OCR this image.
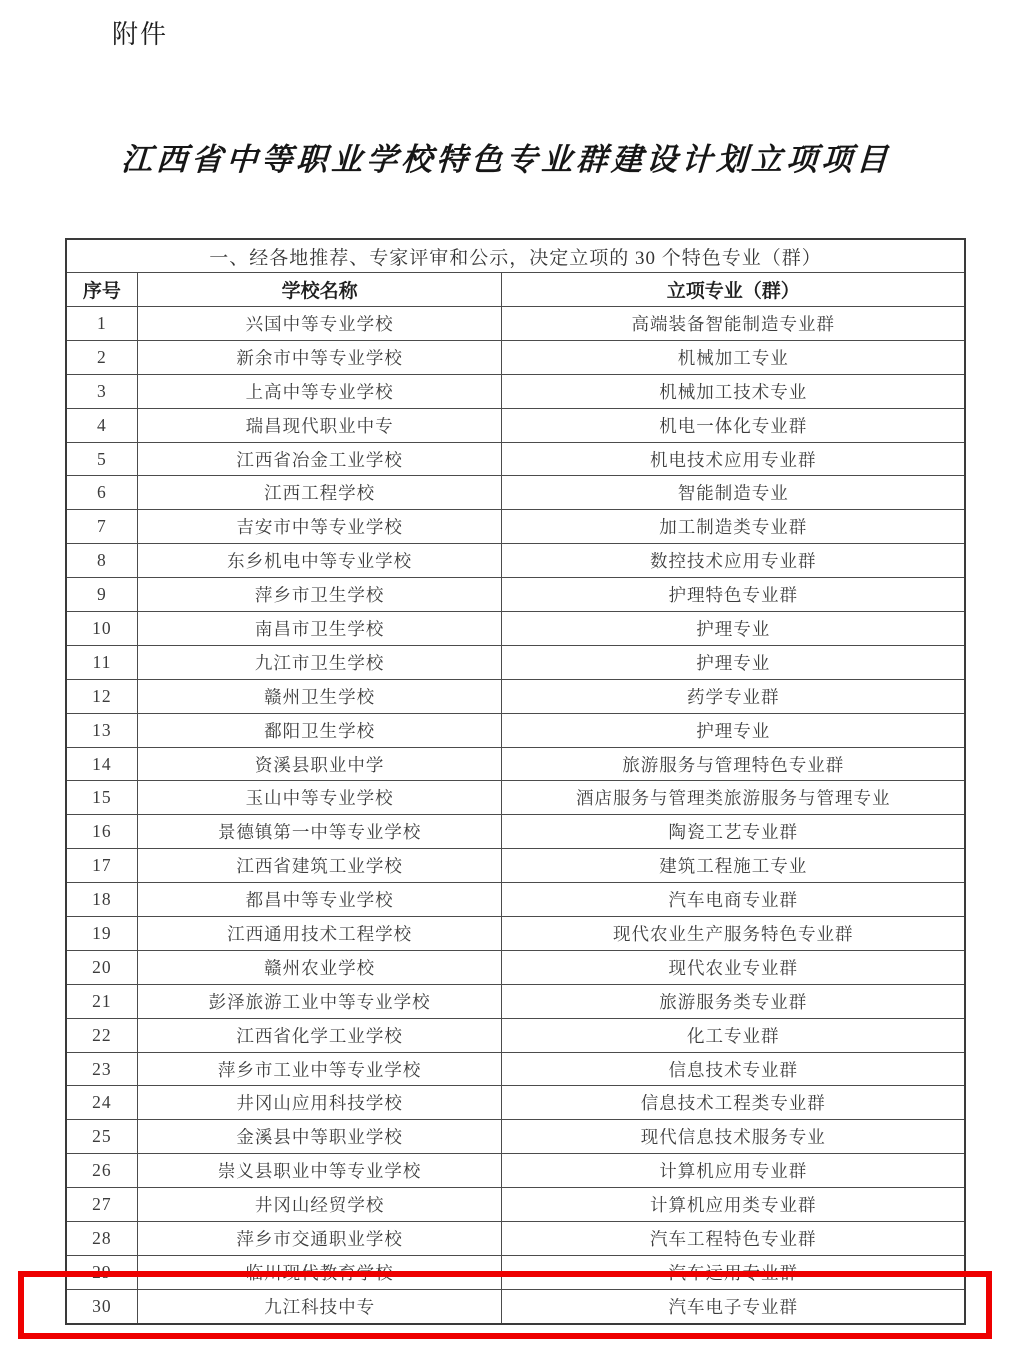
附件
江西省中等职业学校特色专业群建设计划立项项目
一、经各地推荐、专家评审和公示，决定立项的 30 个特色专业（群）		
序号	学校名称	立项专业（群）
1	兴国中等专业学校	高端装备智能制造专业群
2	新余市中等专业学校	机械加工专业
3	上高中等专业学校	机械加工技术专业
4	瑞昌现代职业中专	机电一体化专业群
5	江西省冶金工业学校	机电技术应用专业群
6	江西工程学校	智能制造专业
7	吉安市中等专业学校	加工制造类专业群
8	东乡机电中等专业学校	数控技术应用专业群
9	萍乡市卫生学校	护理特色专业群
10	南昌市卫生学校	护理专业
11	九江市卫生学校	护理专业
12	赣州卫生学校	药学专业群
13	鄱阳卫生学校	护理专业
14	资溪县职业中学	旅游服务与管理特色专业群
15	玉山中等专业学校	酒店服务与管理类旅游服务与管理专业
16	景德镇第一中等专业学校	陶瓷工艺专业群
17	江西省建筑工业学校	建筑工程施工专业
18	都昌中等专业学校	汽车电商专业群
19	江西通用技术工程学校	现代农业生产服务特色专业群
20	赣州农业学校	现代农业专业群
21	彭泽旅游工业中等专业学校	旅游服务类专业群
22	江西省化学工业学校	化工专业群
23	萍乡市工业中等专业学校	信息技术专业群
24	井冈山应用科技学校	信息技术工程类专业群
25	金溪县中等职业学校	现代信息技术服务专业
26	崇义县职业中等专业学校	计算机应用专业群
27	井冈山经贸学校	计算机应用类专业群
28	萍乡市交通职业学校	汽车工程特色专业群
29	临川现代教育学校	汽车运用专业群
30	九江科技中专	汽车电子专业群
